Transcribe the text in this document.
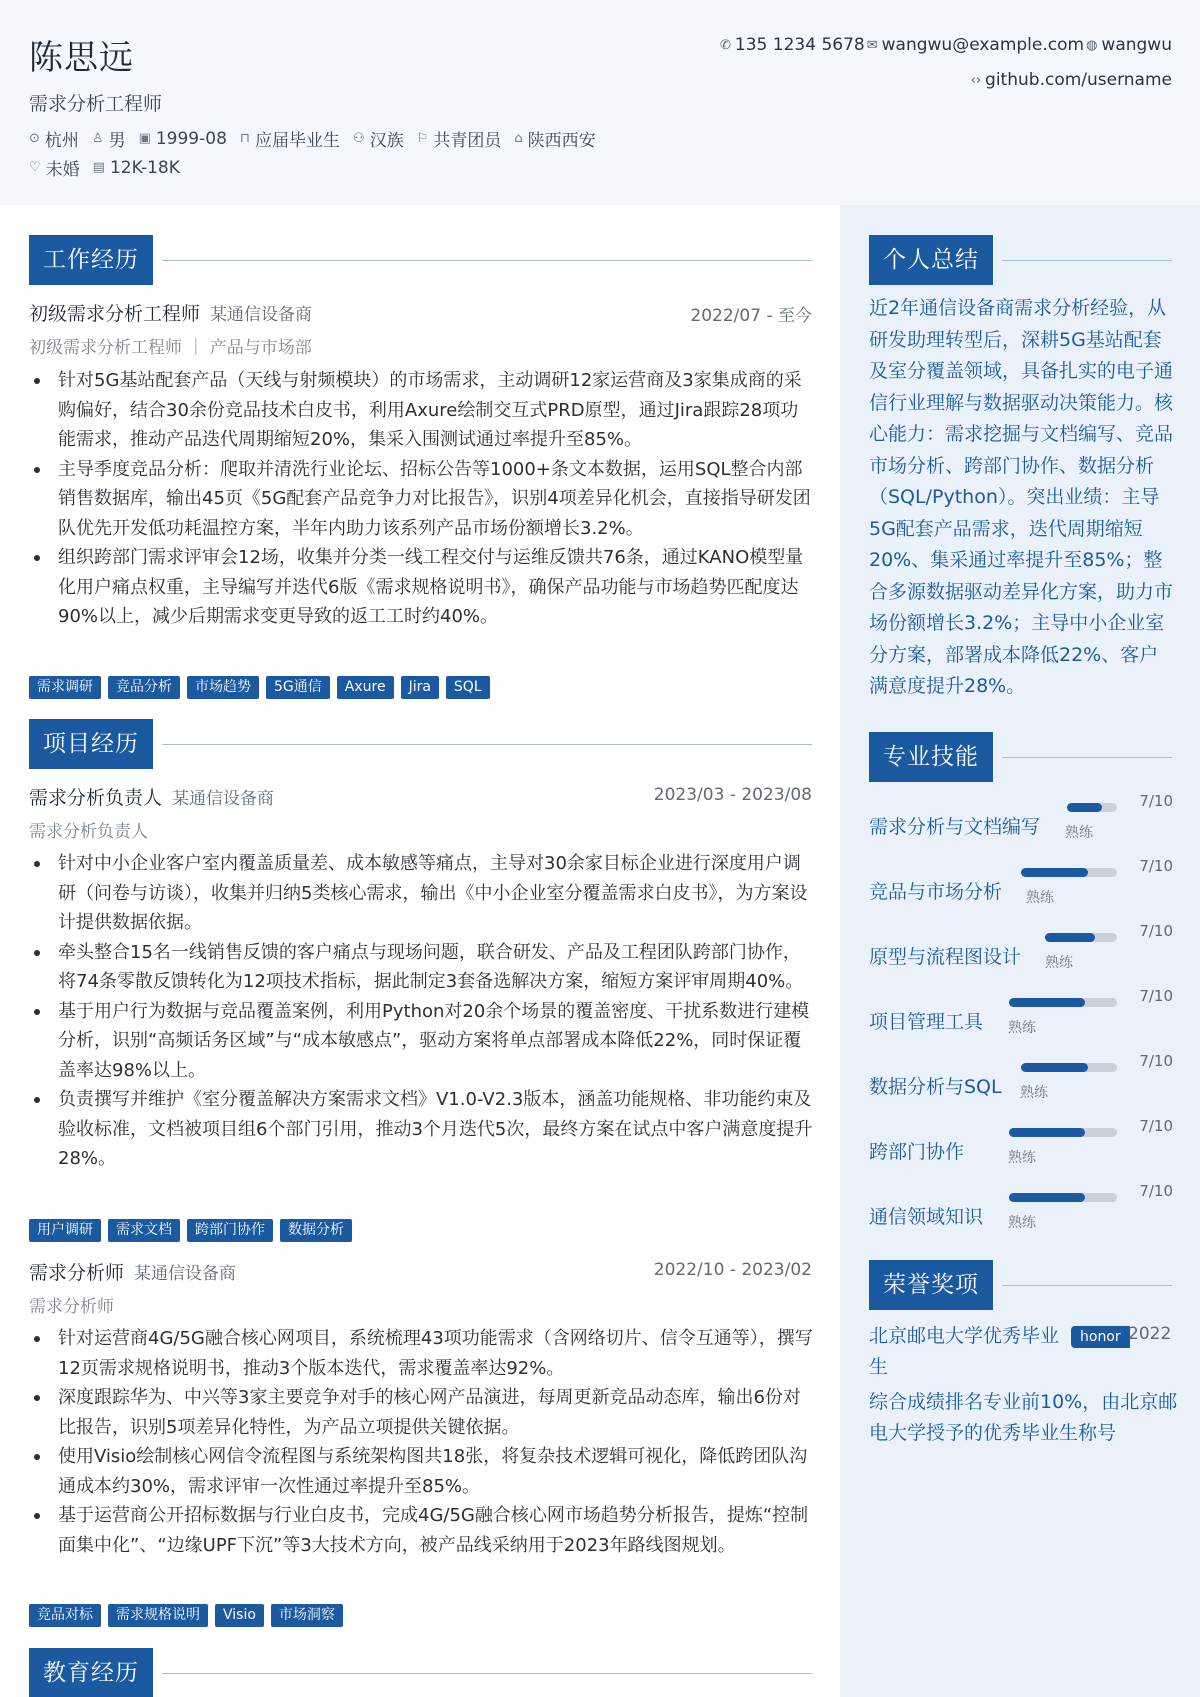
陈思远
需求分析工程师
⊙ 杭州 ♙ 男 ▣ 1999-08 ⊓ 应届毕业生 ⚇ 汉族 ⚐ 共青团员 ⌂ 陕西西安
♡ 未婚 ▤ 12K-18K
✆ 135 1234 5678 ✉ wangwu@example.com ◍ wangwu
‹› github.com/username
工作经历
初级需求分析工程师 某通信设备商	2022/07 - 至今
初级需求分析工程师 ｜ 产品与市场部
针对5G基站配套产品（天线与射频模块）的市场需求，主动调研12家运营商及3家集成商的采购偏好，结合30余份竞品技术白皮书，利用Axure绘制交互式PRD原型，通过Jira跟踪28项功能需求，推动产品迭代周期缩短20%，集采入围测试通过率提升至85%。
主导季度竞品分析：爬取并清洗行业论坛、招标公告等1000+条文本数据，运用SQL整合内部销售数据库，输出45页《5G配套产品竞争力对比报告》，识别4项差异化机会，直接指导研发团队优先开发低功耗温控方案，半年内助力该系列产品市场份额增长3.2%。
组织跨部门需求评审会12场，收集并分类一线工程交付与运维反馈共76条，通过KANO模型量化用户痛点权重，主导编写并迭代6版《需求规格说明书》，确保产品功能与市场趋势匹配度达90%以上，减少后期需求变更导致的返工工时约40%。
需求调研	竞品分析	市场趋势	5G通信	Axure	Jira	SQL
项目经历
需求分析负责人 某通信设备商	2023/03 - 2023/08
需求分析负责人
针对中小企业客户室内覆盖质量差、成本敏感等痛点，主导对30余家目标企业进行深度用户调研（问卷与访谈），收集并归纳5类核心需求，输出《中小企业室分覆盖需求白皮书》，为方案设计提供数据依据。
牵头整合15名一线销售反馈的客户痛点与现场问题，联合研发、产品及工程团队跨部门协作，将74条零散反馈转化为12项技术指标，据此制定3套备选解决方案，缩短方案评审周期40%。
基于用户行为数据与竞品覆盖案例，利用Python对20余个场景的覆盖密度、干扰系数进行建模分析，识别“高频话务区域”与“成本敏感点”，驱动方案将单点部署成本降低22%，同时保证覆盖率达98%以上。
负责撰写并维护《室分覆盖解决方案需求文档》V1.0-V2.3版本，涵盖功能规格、非功能约束及验收标准，文档被项目组6个部门引用，推动3个月迭代5次，最终方案在试点中客户满意度提升28%。
用户调研	需求文档	跨部门协作	数据分析
需求分析师 某通信设备商	2022/10 - 2023/02
需求分析师
针对运营商4G/5G融合核心网项目，系统梳理43项功能需求（含网络切片、信令互通等），撰写12页需求规格说明书，推动3个版本迭代，需求覆盖率达92%。
深度跟踪华为、中兴等3家主要竞争对手的核心网产品演进，每周更新竞品动态库，输出6份对比报告，识别5项差异化特性，为产品立项提供关键依据。
使用Visio绘制核心网信令流程图与系统架构图共18张，将复杂技术逻辑可视化，降低跨团队沟通成本约30%，需求评审一次性通过率提升至85%。
基于运营商公开招标数据与行业白皮书，完成4G/5G融合核心网市场趋势分析报告，提炼“控制面集中化”、“边缘UPF下沉”等3大技术方向，被产品线采纳用于2023年路线图规划。
竞品对标	需求规格说明	Visio	市场洞察
教育经历
个人总结
近2年通信设备商需求分析经验，从研发助理转型后，深耕5G基站配套及室分覆盖领域，具备扎实的电子通信行业理解与数据驱动决策能力。核心能力：需求挖掘与文档编写、竞品市场分析、跨部门协作、数据分析（SQL/Python）。突出业绩：主导5G配套产品需求，迭代周期缩短20%、集采通过率提升至85%；整合多源数据驱动差异化方案，助力市场份额增长3.2%；主导中小企业室分方案，部署成本降低22%、客户满意度提升28%。
专业技能
需求分析与文档编写
7/10
熟练
竞品与市场分析
7/10
熟练
原型与流程图设计
7/10
熟练
项目管理工具
7/10
熟练
数据分析与SQL
7/10
熟练
跨部门协作
7/10
熟练
通信领域知识
7/10
熟练
荣誉奖项
北京邮电大学优秀毕业生
honor 2022
综合成绩排名专业前10%，由北京邮电大学授予的优秀毕业生称号
